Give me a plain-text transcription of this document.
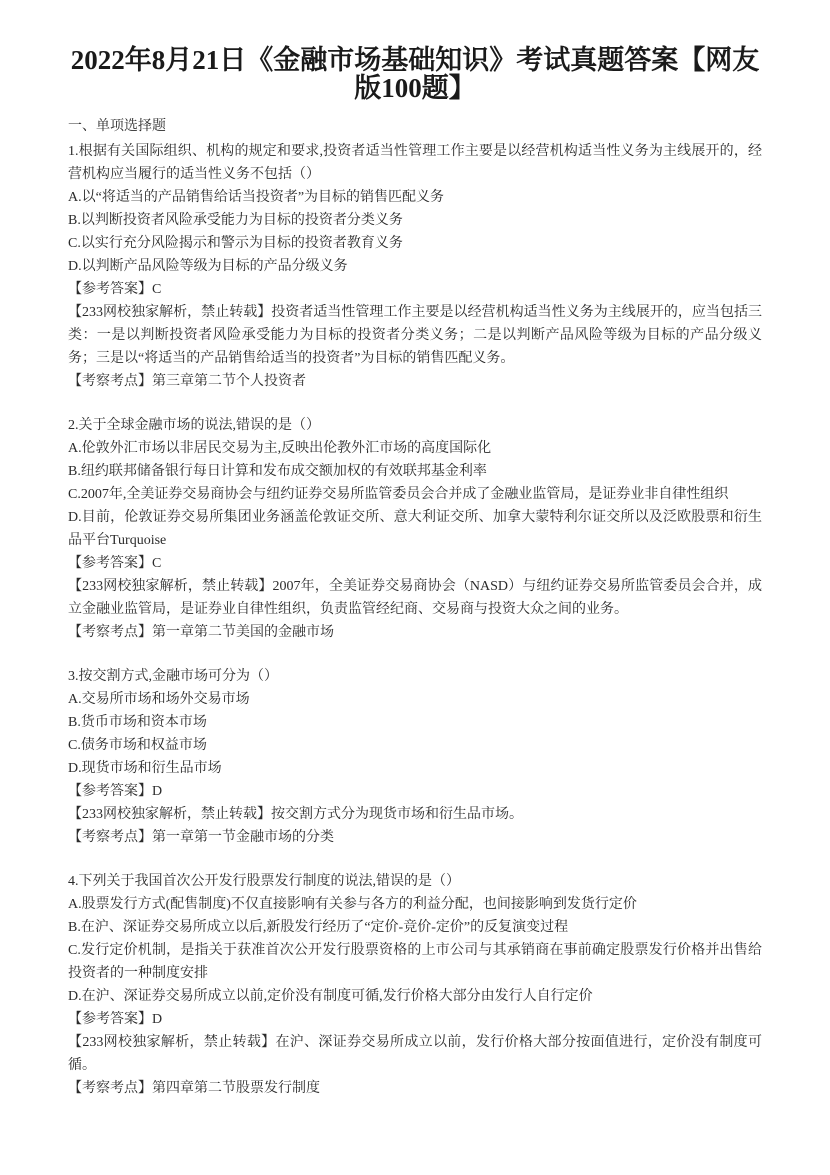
2022年8月21日《金融市场基础知识》考试真题答案【网友版100题】

一、单项选择题

1.根据有关国际组织、机构的规定和要求,投资者适当性管理工作主要是以经营机构适当性义务为主线展开的，经营机构应当履行的适当性义务不包括（）

A.以“将适当的产品销售给话当投资者”为目标的销售匹配义务

B.以判断投资者风险承受能力为目标的投资者分类义务

C.以实行充分风险揭示和警示为目标的投资者教育义务

D.以判断产品风险等级为目标的产品分级义务

【参考答案】C

【233网校独家解析，禁止转载】投资者适当性管理工作主要是以经营机构适当性义务为主线展开的，应当包括三类：一是以判断投资者风险承受能力为目标的投资者分类义务；二是以判断产品风险等级为目标的产品分级义务；三是以“将适当的产品销售给适当的投资者”为目标的销售匹配义务。

【考察考点】第三章第二节个人投资者

2.关于全球金融市场的说法,错误的是（）

A.伦敦外汇市场以非居民交易为主,反映出伦教外汇市场的高度国际化

B.纽约联邦储备银行每日计算和发布成交额加权的有效联邦基金利率

C.2007年,全美证券交易商协会与纽约证券交易所监管委员会合并成了金融业监管局，是证券业非自律性组织

D.目前，伦敦证券交易所集团业务涵盖伦敦证交所、意大利证交所、加拿大蒙特利尔证交所以及泛欧股票和衍生品平台Turquoise

【参考答案】C

【233网校独家解析，禁止转载】2007年，全美证券交易商协会（NASD）与纽约证券交易所监管委员会合并，成立金融业监管局，是证券业自律性组织，负责监管经纪商、交易商与投资大众之间的业务。

【考察考点】第一章第二节美国的金融市场

3.按交割方式,金融市场可分为（）

A.交易所市场和场外交易市场

B.货币市场和资本市场

C.债务市场和权益市场

D.现货市场和衍生品市场

【参考答案】D

【233网校独家解析，禁止转载】按交割方式分为现货市场和衍生品市场。

【考察考点】第一章第一节金融市场的分类

4.下列关于我国首次公开发行股票发行制度的说法,错误的是（）

A.股票发行方式(配售制度)不仅直接影响有关参与各方的利益分配，也间接影响到发货行定价

B.在沪、深证券交易所成立以后,新股发行经历了“定价-竞价-定价”的反复演变过程

C.发行定价机制，是指关于获准首次公开发行股票资格的上市公司与其承销商在事前确定股票发行价格并出售给投资者的一种制度安排

D.在沪、深证券交易所成立以前,定价没有制度可循,发行价格大部分由发行人自行定价

【参考答案】D

【233网校独家解析，禁止转载】在沪、深证券交易所成立以前，发行价格大部分按面值进行，定价没有制度可循。

【考察考点】第四章第二节股票发行制度
